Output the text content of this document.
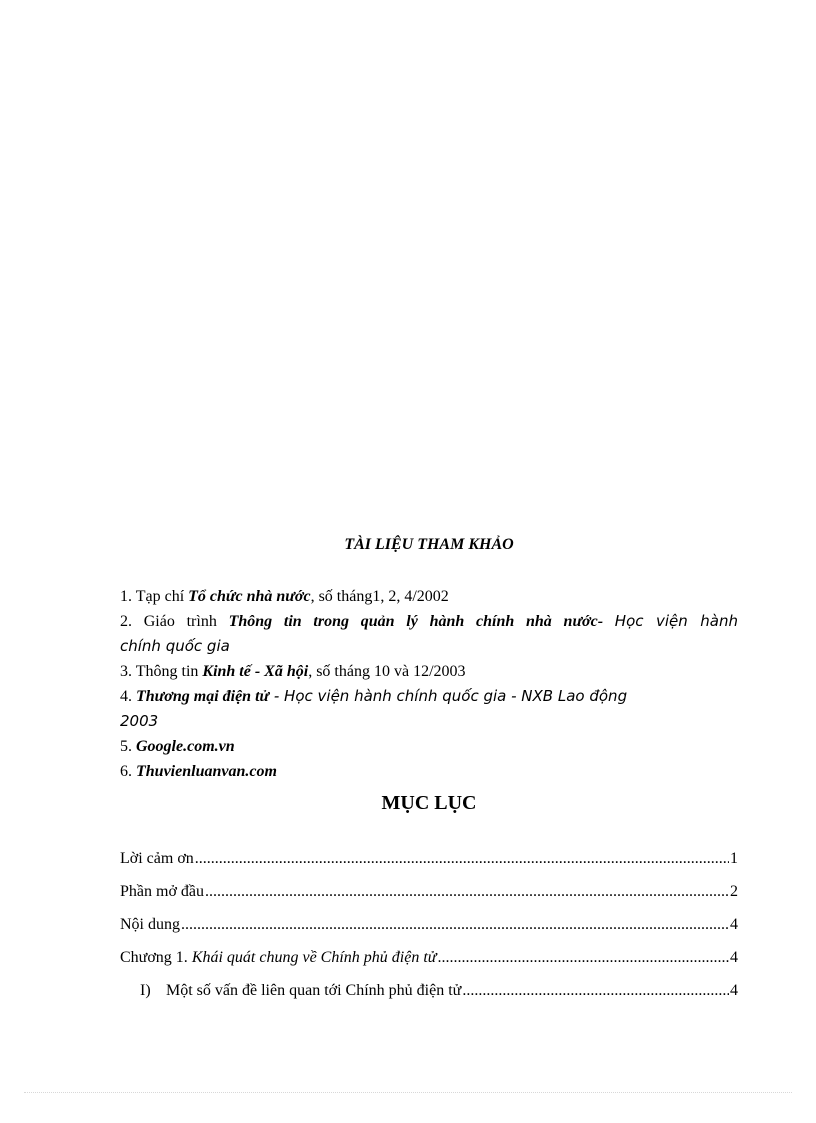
TÀI LIỆU THAM KHẢO
1. Tạp chí Tổ chức nhà nước, số tháng1, 2, 4/2002
2. Giáo trình Thông tin trong quản lý hành chính nhà nước- Học viện hành
chính quốc gia
3. Thông tin Kinh tế - Xã hội, số tháng 10 và 12/2003
4. Thương mại điện tử - Học viện hành chính quốc gia - NXB Lao động
2003
5. Google.com.vn
6. Thuvienluanvan.com
MỤC LỤC
Lời cảm ơn .....	1
Phần mở đầu .....	2
Nội dung .....	4
Chương 1. Khái quát chung về Chính phủ điện tử .....	4
I) Một số vấn đề liên quan tới Chính phủ điện tử .....	4
